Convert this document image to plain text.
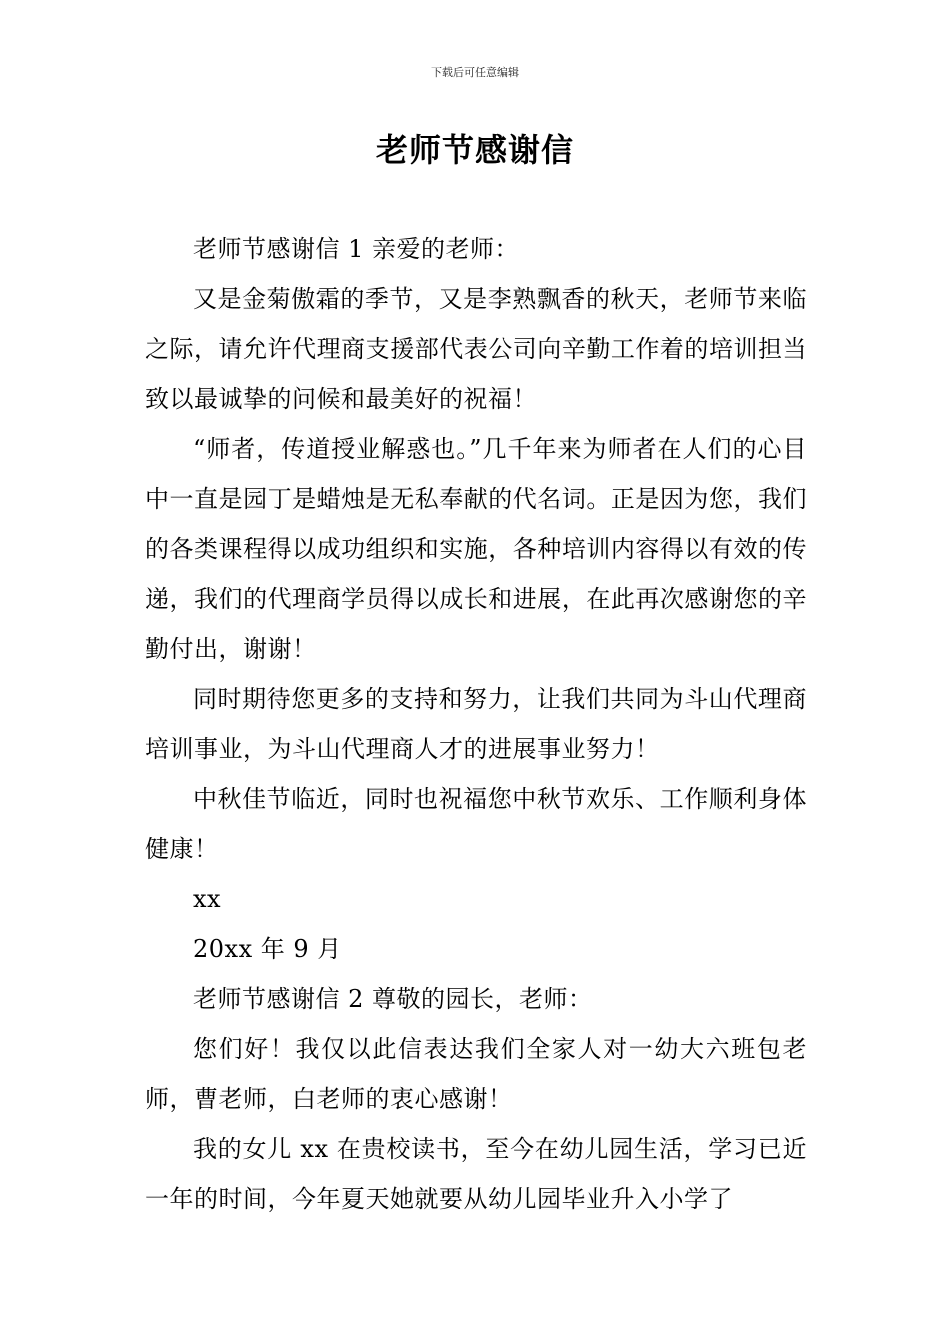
下载后可任意编辑
老师节感谢信

老师节感谢信 1 亲爱的老师：

又是金菊傲霜的季节，又是李熟飘香的秋天，老师节来临之际，请允许代理商支援部代表公司向辛勤工作着的培训担当致以最诚挚的问候和最美好的祝福！

“师者，传道授业解惑也。”几千年来为师者在人们的心目中一直是园丁是蜡烛是无私奉献的代名词。正是因为您，我们的各类课程得以成功组织和实施，各种培训内容得以有效的传递，我们的代理商学员得以成长和进展，在此再次感谢您的辛勤付出，谢谢！

同时期待您更多的支持和努力，让我们共同为斗山代理商培训事业，为斗山代理商人才的进展事业努力！

中秋佳节临近，同时也祝福您中秋节欢乐、工作顺利身体健康！

xx

20xx 年 9 月

老师节感谢信 2 尊敬的园长，老师：

您们好！我仅以此信表达我们全家人对一幼大六班包老师，曹老师，白老师的衷心感谢！

我的女儿 xx 在贵校读书，至今在幼儿园生活，学习已近一年的时间，今年夏天她就要从幼儿园毕业升入小学了
